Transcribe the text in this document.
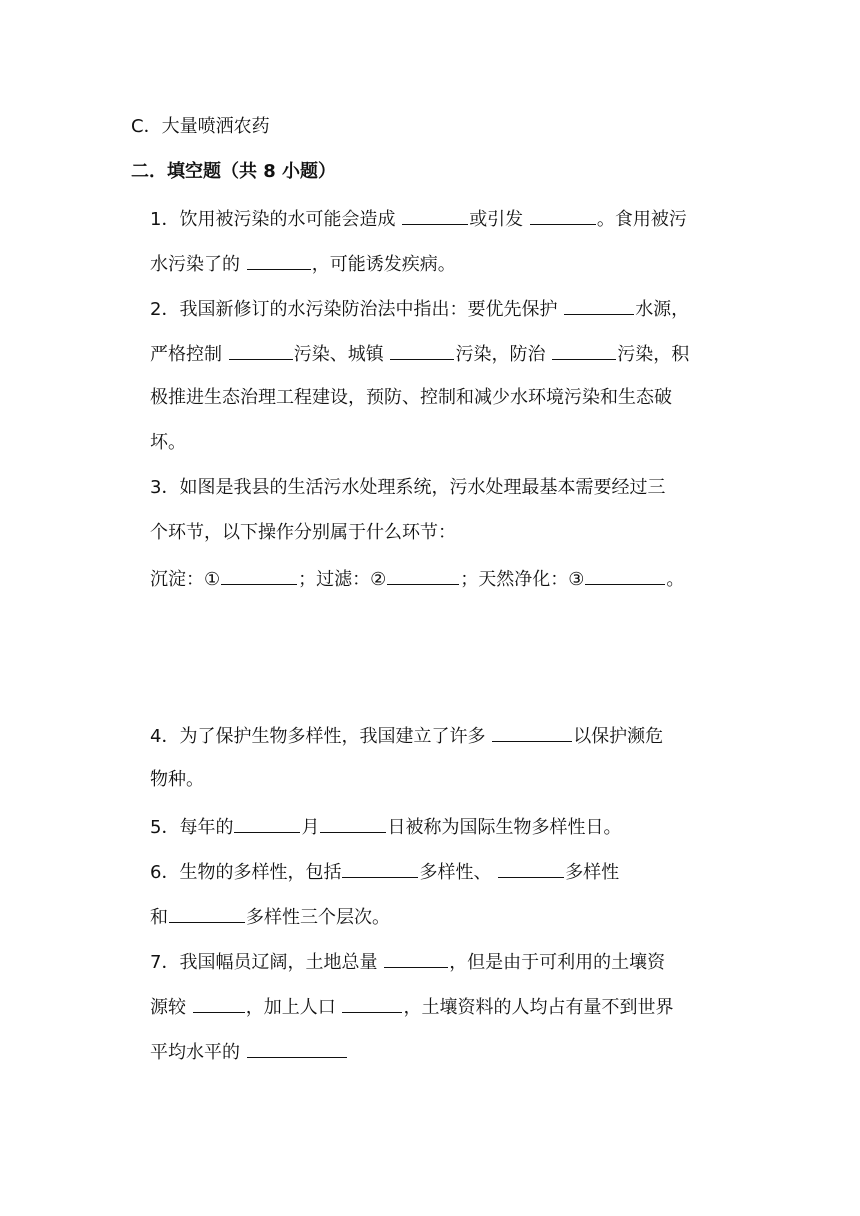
C．大量喷洒农药
二．填空题（共 8 小题）
1．饮用被污染的水可能会造成	或引发	。食用被污
水污染了的	，可能诱发疾病。
2．我国新修订的水污染防治法中指出：要优先保护	水源，
严格控制	污染、城镇	污染，防治	污染，积
极推进生态治理工程建设，预防、控制和减少水环境污染和生态破
坏。
3．如图是我县的生活污水处理系统，污水处理最基本需要经过三
个环节，以下操作分别属于什么环节：
沉淀：①	；过滤：②	；天然净化：③	。
4．为了保护生物多样性，我国建立了许多	以保护濒危
物种。
5．每年的	月	日被称为国际生物多样性日。
6．生物的多样性，包括	多样性、	多样性
和	多样性三个层次。
7．我国幅员辽阔，土地总量	，但是由于可利用的土壤资
源较	，加上人口	，土壤资料的人均占有量不到世界
平均水平的
